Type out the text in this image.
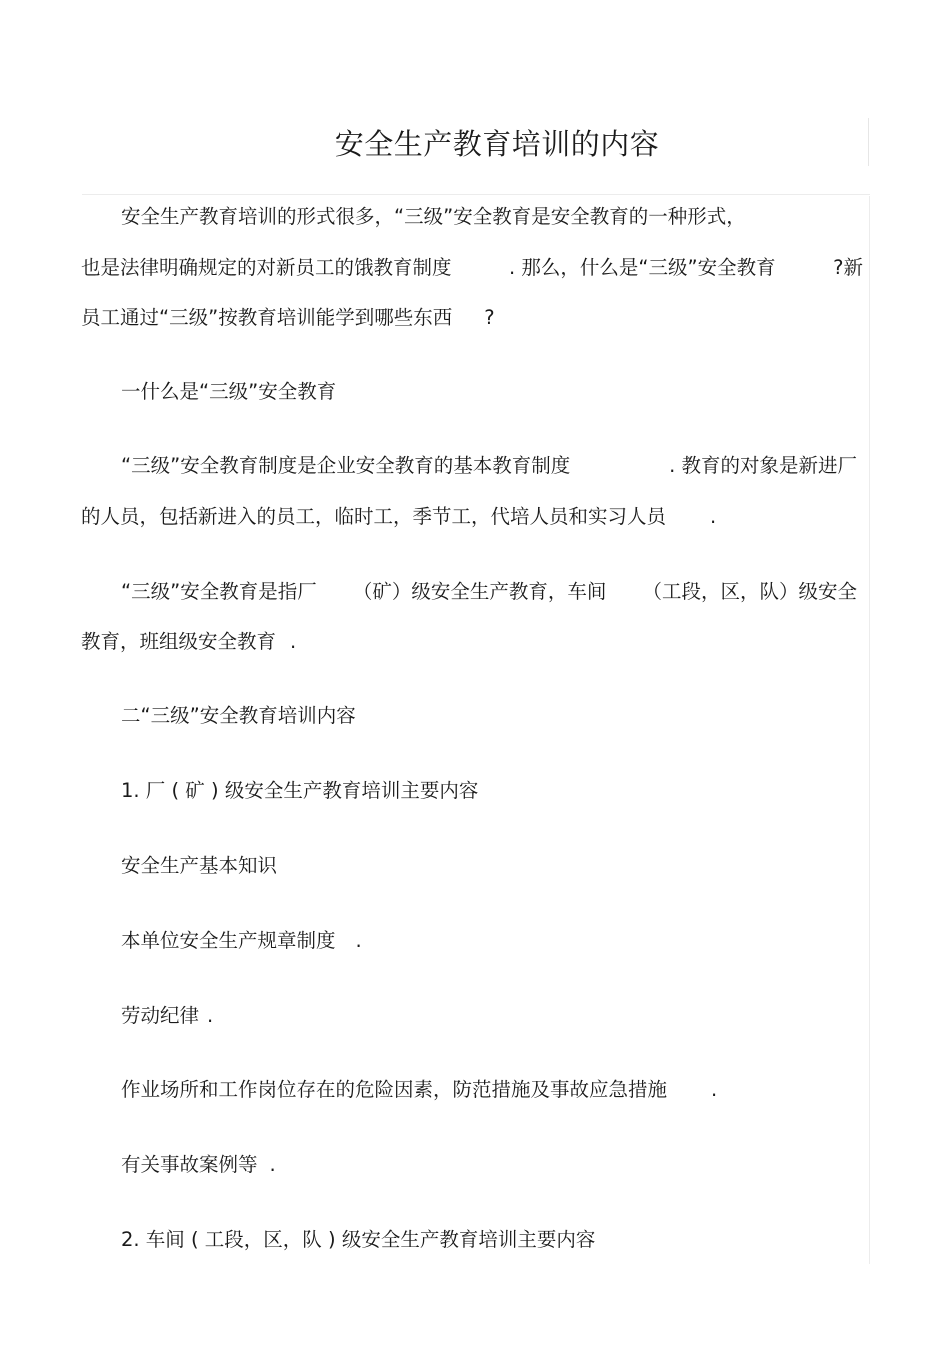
安全生产教育培训的内容
安全生产教育培训的形式很多，“三级”安全教育是安全教育的一种形式，
也是法律明确规定的对新员工的饿教育制度	. 那么，什么是“三级”安全教育	?新
员工通过“三级”按教育培训能学到哪些东西 ?
一什么是“三级”安全教育
“三级”安全教育制度是企业安全教育的基本教育制度	. 教育的对象是新进厂
的人员，包括新进入的员工，临时工，季节工，代培人员和实习人员 .
“三级”安全教育是指厂 （矿）级安全生产教育，车间 （工段，区，队）级安全
教育，班组级安全教育 .
二“三级”安全教育培训内容
1. 厂 ( 矿 ) 级安全生产教育培训主要内容
安全生产基本知识
本单位安全生产规章制度 .
劳动纪律 .
作业场所和工作岗位存在的危险因素，防范措施及事故应急措施 .
有关事故案例等 .
2. 车间 ( 工段，区，队 ) 级安全生产教育培训主要内容
